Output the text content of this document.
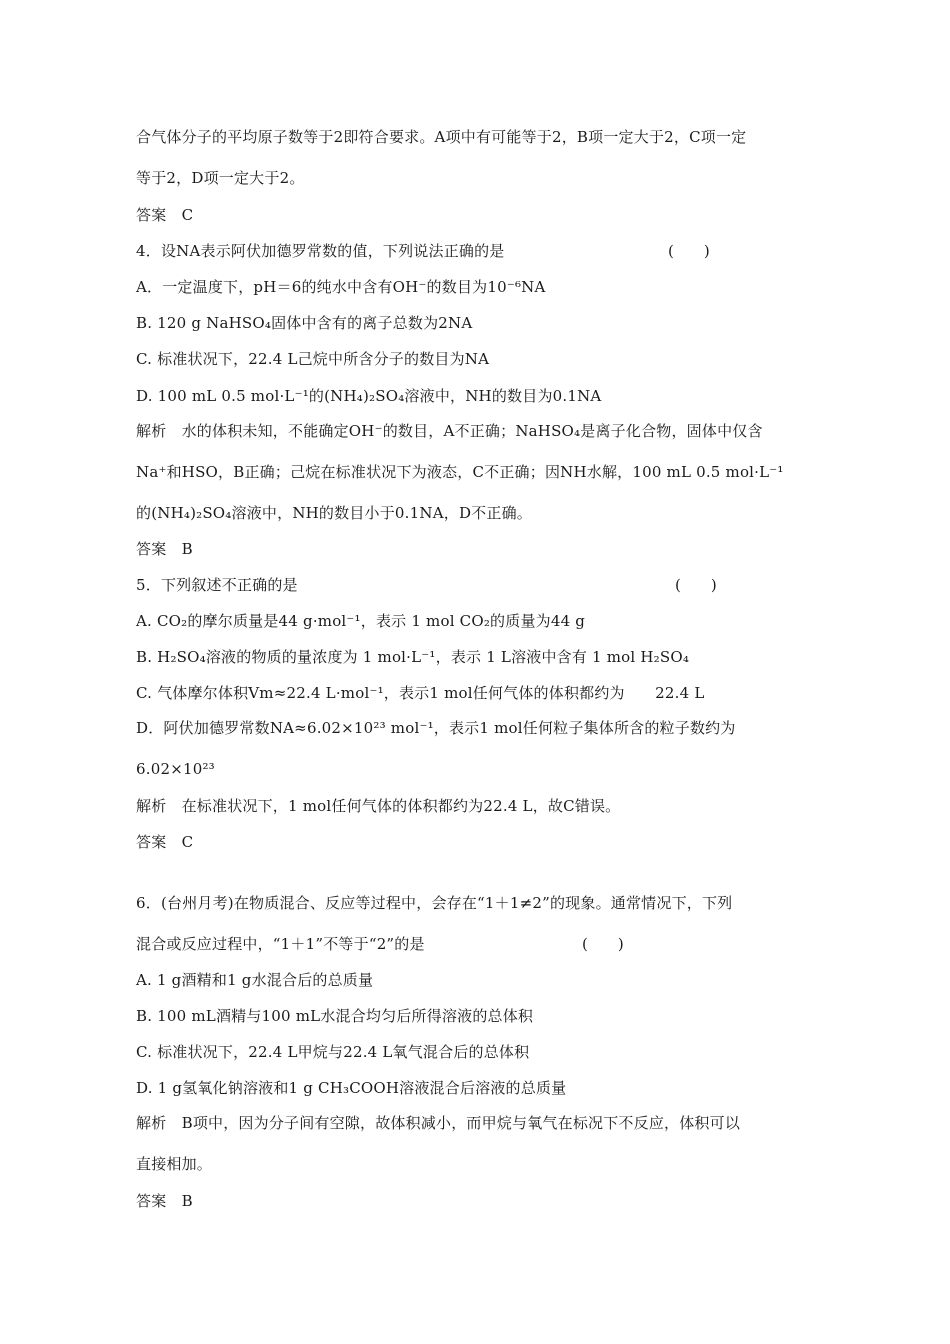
合气体分子的平均原子数等于2即符合要求。A项中有可能等于2，B项一定大于2，C项一定
等于2，D项一定大于2。
答案　C
4．设NA表示阿伏加德罗常数的值，下列说法正确的是	(　　)
A．一定温度下，pH＝6的纯水中含有OH⁻的数目为10⁻⁶NA
B. 120 g NaHSO₄固体中含有的离子总数为2NA
C. 标准状况下，22.4 L己烷中所含分子的数目为NA
D. 100 mL 0.5 mol·L⁻¹的(NH₄)₂SO₄溶液中，NH的数目为0.1NA
解析　水的体积未知，不能确定OH⁻的数目，A不正确；NaHSO₄是离子化合物，固体中仅含
Na⁺和HSO，B正确；己烷在标准状况下为液态，C不正确；因NH水解，100 mL 0.5 mol·L⁻¹
的(NH₄)₂SO₄溶液中，NH的数目小于0.1NA，D不正确。
答案　B
5．下列叙述不正确的是	(　　)
A. CO₂的摩尔质量是44 g·mol⁻¹，表示 1 mol CO₂的质量为44 g
B. H₂SO₄溶液的物质的量浓度为 1 mol·L⁻¹，表示 1 L溶液中含有 1 mol H₂SO₄
C. 气体摩尔体积Vm≈22.4 L·mol⁻¹，表示1 mol任何气体的体积都约为　　22.4 L
D．阿伏加德罗常数NA≈6.02×10²³ mol⁻¹，表示1 mol任何粒子集体所含的粒子数约为
6.02×10²³
解析　在标准状况下，1 mol任何气体的体积都约为22.4 L，故C错误。
答案　C
6．(台州月考)在物质混合、反应等过程中，会存在“1＋1≠2”的现象。通常情况下，下列
混合或反应过程中，“1＋1”不等于“2”的是	(　　)
A. 1 g酒精和1 g水混合后的总质量
B. 100 mL酒精与100 mL水混合均匀后所得溶液的总体积
C. 标准状况下，22.4 L甲烷与22.4 L氧气混合后的总体积
D. 1 g氢氧化钠溶液和1 g CH₃COOH溶液混合后溶液的总质量
解析　B项中，因为分子间有空隙，故体积减小，而甲烷与氧气在标况下不反应，体积可以
直接相加。
答案　B
